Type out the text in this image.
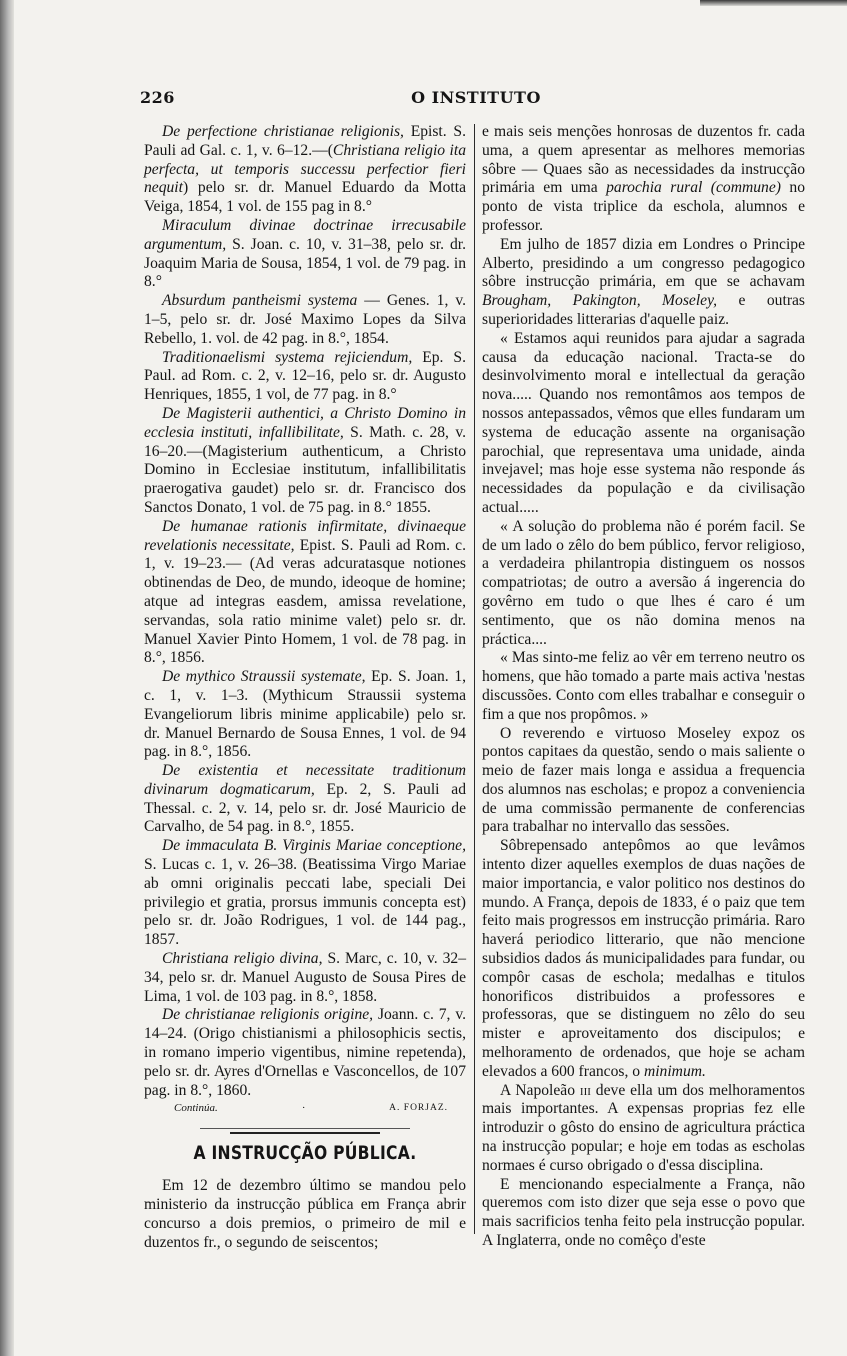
O INSTITUTO
226

De perfectione christianae religionis, Epist. S. Pauli ad Gal. c. 1, v. 6–12.—(Christiana religio ita perfecta, ut temporis successu perfectior fieri nequit) pelo sr. dr. Manuel Eduardo da Motta Veiga, 1854, 1 vol. de 155 pag in 8.°

Miraculum divinae doctrinae irrecusabile argumentum, S. Joan. c. 10, v. 31–38, pelo sr. dr. Joaquim Maria de Sousa, 1854, 1 vol. de 79 pag. in 8.°

Absurdum pantheismi systema — Genes. 1, v. 1–5, pelo sr. dr. José Maximo Lopes da Silva Rebello, 1. vol. de 42 pag. in 8.°, 1854.

Traditionaelismi systema rejiciendum, Ep. S. Paul. ad Rom. c. 2, v. 12–16, pelo sr. dr. Augusto Henriques, 1855, 1 vol, de 77 pag. in 8.°

De Magisterii authentici, a Christo Domino in ecclesia instituti, infallibilitate, S. Math. c. 28, v. 16–20.—(Magisterium authenticum, a Christo Domino in Ecclesiae institutum, infallibilitatis praerogativa gaudet) pelo sr. dr. Francisco dos Sanctos Donato, 1 vol. de 75 pag. in 8.° 1855.

De humanae rationis infirmitate, divinaeque revelationis necessitate, Epist. S. Pauli ad Rom. c. 1, v. 19–23.— (Ad veras adcuratasque notiones obtinendas de Deo, de mundo, ideoque de homine; atque ad integras easdem, amissa revelatione, servandas, sola ratio minime valet) pelo sr. dr. Manuel Xavier Pinto Homem, 1 vol. de 78 pag. in 8.°, 1856.

De mythico Straussii systemate, Ep. S. Joan. 1, c. 1, v. 1–3. (Mythicum Straussii systema Evangeliorum libris minime applicabile) pelo sr. dr. Manuel Bernardo de Sousa Ennes, 1 vol. de 94 pag. in 8.°, 1856.

De existentia et necessitate traditionum divinarum dogmaticarum, Ep. 2, S. Pauli ad Thessal. c. 2, v. 14, pelo sr. dr. José Mauricio de Carvalho, de 54 pag. in 8.°, 1855.

De immaculata B. Virginis Mariae conceptione, S. Lucas c. 1, v. 26–38. (Beatissima Virgo Mariae ab omni originalis peccati labe, speciali Dei privilegio et gratia, prorsus immunis concepta est) pelo sr. dr. João Rodrigues, 1 vol. de 144 pag., 1857.

Christiana religio divina, S. Marc, c. 10, v. 32–34, pelo sr. dr. Manuel Augusto de Sousa Pires de Lima, 1 vol. de 103 pag. in 8.°, 1858.

De christianae religionis origine, Joann. c. 7, v. 14–24. (Origo chistianismi a philosophicis sectis, in romano imperio vigentibus, nimine repetenda), pelo sr. dr. Ayres d'Ornellas e Vasconcellos, de 107 pag. in 8.°, 1860.

Continúa.	·	A. FORJAZ.
A INSTRUCÇÃO PÚBLICA.

Em 12 de dezembro último se mandou pelo ministerio da instrucção pública em França abrir concurso a dois premios, o primeiro de mil e duzentos fr., o segundo de seiscentos;

e mais seis menções honrosas de duzentos fr. cada uma, a quem apresentar as melhores memorias sôbre — Quaes são as necessidades da instrucção primária em uma parochia rural (commune) no ponto de vista triplice da eschola, alumnos e professor.

Em julho de 1857 dizia em Londres o Principe Alberto, presidindo a um congresso pedagogico sôbre instrucção primária, em que se achavam Brougham, Pakington, Moseley, e outras superioridades litterarias d'aquelle paiz.

« Estamos aqui reunidos para ajudar a sagrada causa da educação nacional. Tracta-se do desinvolvimento moral e intellectual da geração nova..... Quando nos remontâmos aos tempos de nossos antepassados, vêmos que elles fundaram um systema de educação assente na organisação parochial, que representava uma unidade, ainda invejavel; mas hoje esse systema não responde ás necessidades da população e da civilisação actual.....

« A solução do problema não é porém facil. Se de um lado o zêlo do bem público, fervor religioso, a verdadeira philantropia distinguem os nossos compatriotas; de outro a aversão á ingerencia do govêrno em tudo o que lhes é caro é um sentimento, que os não domina menos na práctica....

« Mas sinto-me feliz ao vêr em terreno neutro os homens, que hão tomado a parte mais activa 'nestas discussões. Conto com elles trabalhar e conseguir o fim a que nos propômos. »

O reverendo e virtuoso Moseley expoz os pontos capitaes da questão, sendo o mais saliente o meio de fazer mais longa e assidua a frequencia dos alumnos nas escholas; e propoz a conveniencia de uma commissão permanente de conferencias para trabalhar no intervallo das sessões.

Sôbrepensado antepômos ao que levâmos intento dizer aquelles exemplos de duas nações de maior importancia, e valor politico nos destinos do mundo. A França, depois de 1833, é o paiz que tem feito mais progressos em instrucção primária. Raro haverá periodico litterario, que não mencione subsidios dados ás municipalidades para fundar, ou compôr casas de eschola; medalhas e titulos honorificos distribuidos a professores e professoras, que se distinguem no zêlo do seu mister e aproveitamento dos discipulos; e melhoramento de ordenados, que hoje se acham elevados a 600 francos, o minimum.

A Napoleão iii deve ella um dos melhoramentos mais importantes. A expensas proprias fez elle introduzir o gôsto do ensino de agricultura práctica na instrucção popular; e hoje em todas as escholas normaes é curso obrigado o d'essa disciplina.

E mencionando especialmente a França, não queremos com isto dizer que seja esse o povo que mais sacrificios tenha feito pela instrucção popular. A Inglaterra, onde no comêço d'este
